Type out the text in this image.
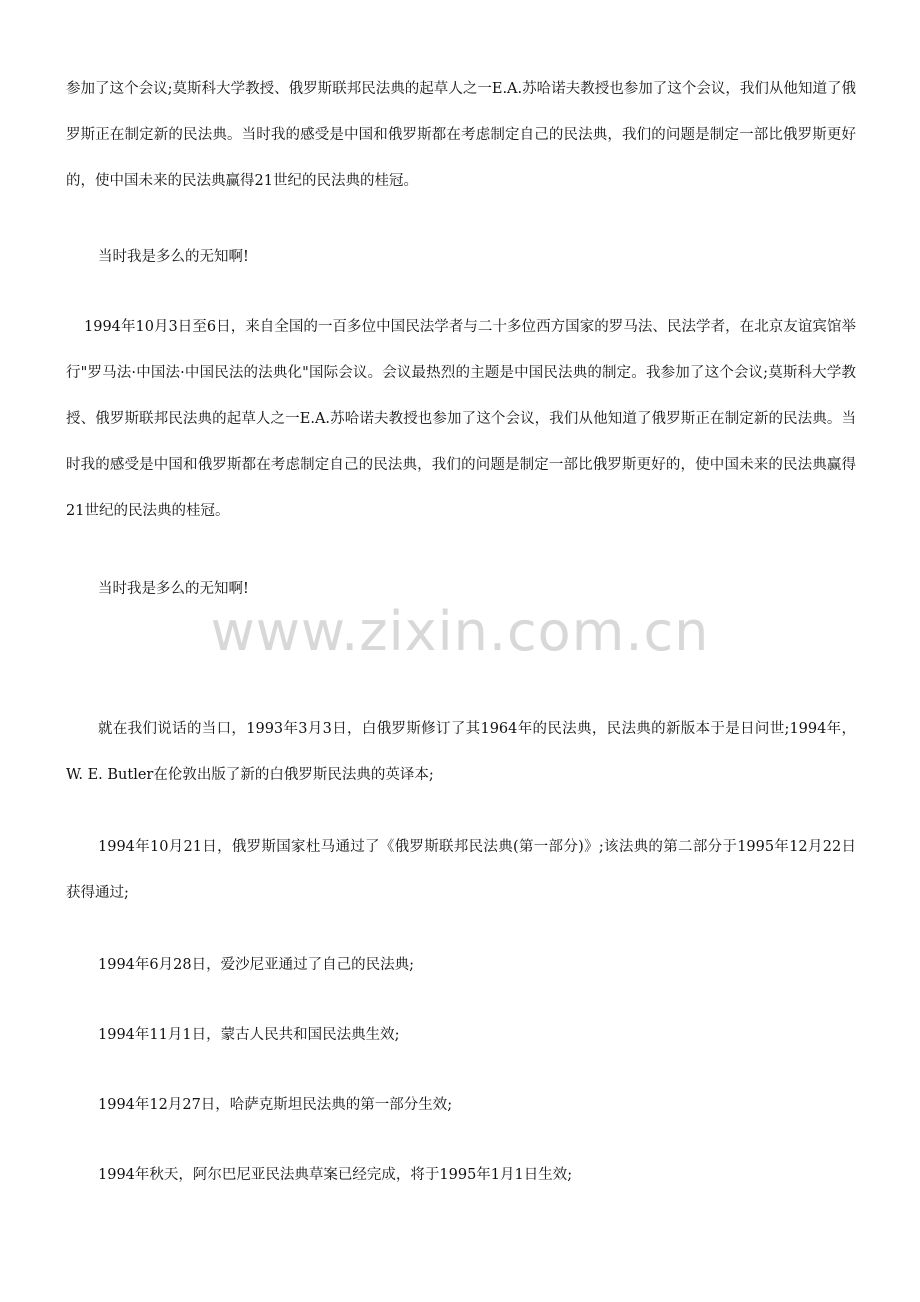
参加了这个会议;莫斯科大学教授、俄罗斯联邦民法典的起草人之一E.A.苏哈诺夫教授也参加了这个会议，我们从他知道了俄罗斯正在制定新的民法典。当时我的感受是中国和俄罗斯都在考虑制定自己的民法典，我们的问题是制定一部比俄罗斯更好的，使中国未来的民法典赢得21世纪的民法典的桂冠。

当时我是多么的无知啊!

1994年10月3日至6日，来自全国的一百多位中国民法学者与二十多位西方国家的罗马法、民法学者，在北京友谊宾馆举行"罗马法·中国法·中国民法的法典化"国际会议。会议最热烈的主题是中国民法典的制定。我参加了这个会议;莫斯科大学教授、俄罗斯联邦民法典的起草人之一E.A.苏哈诺夫教授也参加了这个会议，我们从他知道了俄罗斯正在制定新的民法典。当时我的感受是中国和俄罗斯都在考虑制定自己的民法典，我们的问题是制定一部比俄罗斯更好的，使中国未来的民法典赢得21世纪的民法典的桂冠。

当时我是多么的无知啊!

www.zixin.com.cn

就在我们说话的当口，1993年3月3日，白俄罗斯修订了其1964年的民法典，民法典的新版本于是日问世;1994年，W. E. Butler在伦敦出版了新的白俄罗斯民法典的英译本;

1994年10月21日，俄罗斯国家杜马通过了《俄罗斯联邦民法典(第一部分)》;该法典的第二部分于1995年12月22日获得通过;

1994年6月28日，爱沙尼亚通过了自己的民法典;

1994年11月1日，蒙古人民共和国民法典生效;

1994年12月27日，哈萨克斯坦民法典的第一部分生效;

1994年秋天，阿尔巴尼亚民法典草案已经完成，将于1995年1月1日生效;
